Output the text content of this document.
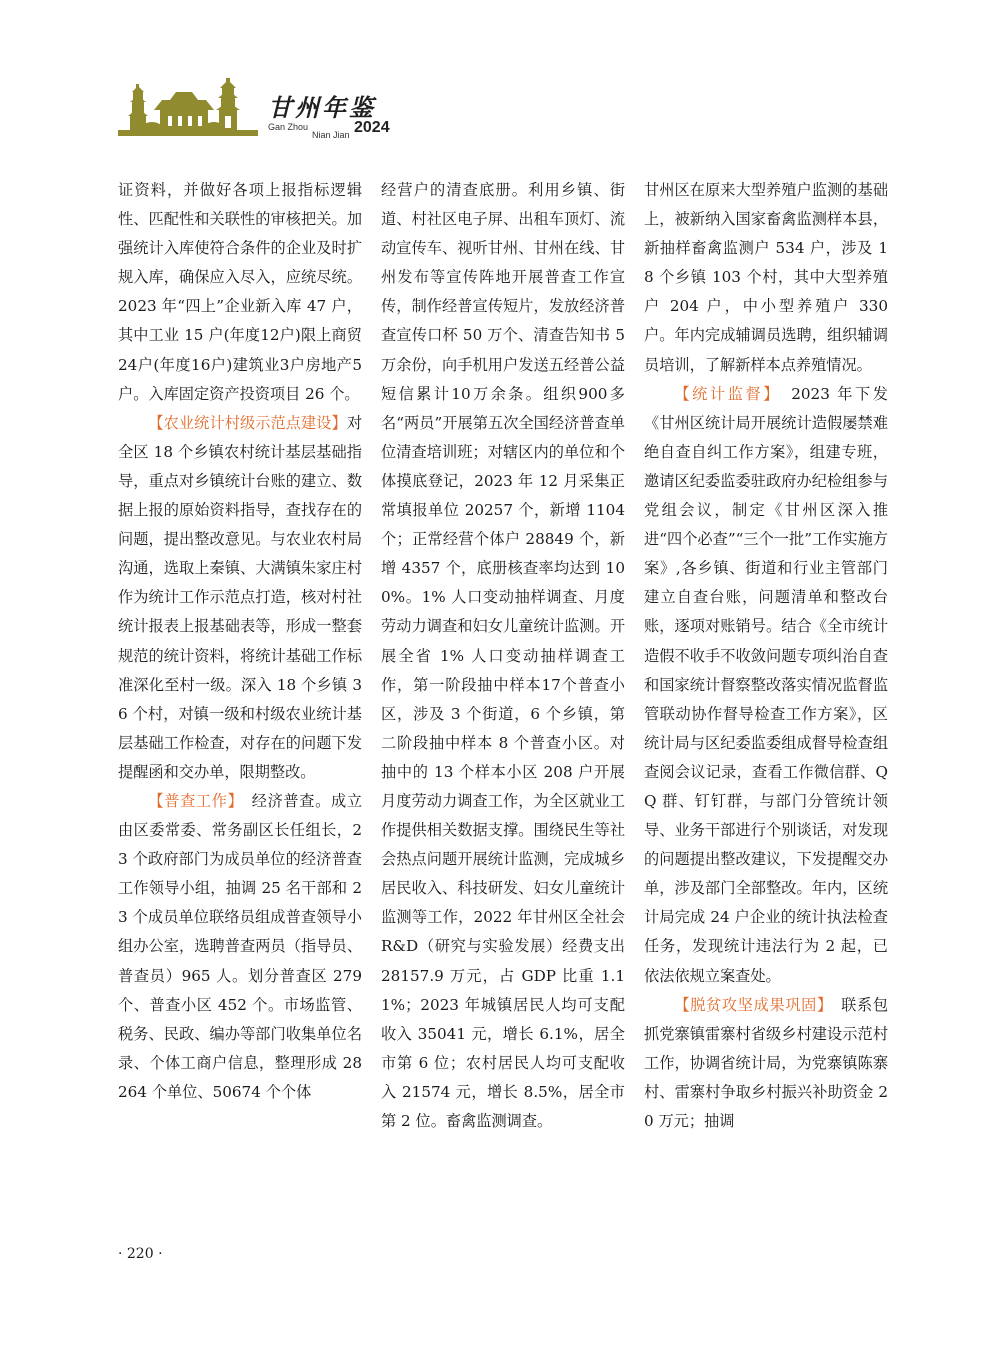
甘州年鉴
Gan Zhou
Nian Jian 2024

证资料，并做好各项上报指标逻辑性、匹配性和关联性的审核把关。加强统计入库使符合条件的企业及时扩规入库，确保应入尽入，应统尽统。2023 年“四上”企业新入库 47 户，其中工业 15 户(年度12户)限上商贸24户(年度16户)建筑业3户房地产5户。入库固定资产投资项目 26 个。

【农业统计村级示范点建设】对全区 18 个乡镇农村统计基层基础指导，重点对乡镇统计台账的建立、数据上报的原始资料指导，查找存在的问题，提出整改意见。与农业农村局沟通，选取上秦镇、大满镇朱家庄村作为统计工作示范点打造，核对村社统计报表上报基础表等，形成一整套规范的统计资料，将统计基础工作标准深化至村一级。深入 18 个乡镇 36 个村，对镇一级和村级农业统计基层基础工作检查，对存在的问题下发提醒函和交办单，限期整改。

【普查工作】　 经济普查。成立由区委常委、常务副区长任组长，23 个政府部门为成员单位的经济普查工作领导小组，抽调 25 名干部和 23 个成员单位联络员组成普查领导小组办公室，选聘普查两员（指导员、普查员）965 人。划分普查区 279 个、普查小区 452 个。市场监管、税务、民政、编办等部门收集单位名录、个体工商户信息，整理形成 28264 个单位、50674 个个体

经营户的清查底册。利用乡镇、街道、村社区电子屏、出租车顶灯、流动宣传车、视听甘州、甘州在线、甘州发布等宣传阵地开展普查工作宣传，制作经普宣传短片，发放经济普查宣传口杯 50 万个、清查告知书 5 万余份，向手机用户发送五经普公益短信累计10万余条。组织900多名“两员”开展第五次全国经济普查单位清查培训班；对辖区内的单位和个体摸底登记，2023 年 12 月采集正常填报单位 20257 个，新增 1104 个；正常经营个体户 28849 个，新增 4357 个，底册核查率均达到 100%。1% 人口变动抽样调查、月度劳动力调查和妇女儿童统计监测。开展全省 1% 人口变动抽样调查工作，第一阶段抽中样本17个普查小区，涉及 3 个街道，6 个乡镇，第二阶段抽中样本 8 个普查小区。对抽中的 13 个样本小区 208 户开展月度劳动力调查工作，为全区就业工作提供相关数据支撑。围绕民生等社会热点问题开展统计监测，完成城乡居民收入、科技研发、妇女儿童统计监测等工作，2022 年甘州区全社会 R&D（研究与实验发展）经费支出 28157.9 万元，占 GDP 比重 1.11%；2023 年城镇居民人均可支配收入 35041 元，增长 6.1%，居全市第 6 位；农村居民人均可支配收入 21574 元，增长 8.5%，居全市第 2 位。畜禽监测调查。

甘州区在原来大型养殖户监测的基础上，被新纳入国家畜禽监测样本县，新抽样畜禽监测户 534 户，涉及 18 个乡镇 103 个村，其中大型养殖户 204 户，中小型养殖户 330 户。年内完成辅调员选聘，组织辅调员培训，了解新样本点养殖情况。

【统计监督】　 2023 年下发《甘州区统计局开展统计造假屡禁难绝自查自纠工作方案》，组建专班，邀请区纪委监委驻政府办纪检组参与党组会议，制定《甘州区深入推进“四个必查”“三个一批”工作实施方案》,各乡镇、街道和行业主管部门建立自查台账，问题清单和整改台账，逐项对账销号。结合《全市统计造假不收手不收敛问题专项纠治自查和国家统计督察整改落实情况监督监管联动协作督导检查工作方案》，区统计局与区纪委监委组成督导检查组查阅会议记录，查看工作微信群、QQ 群、钉钉群，与部门分管统计领导、业务干部进行个别谈话，对发现的问题提出整改建议，下发提醒交办单，涉及部门全部整改。年内，区统计局完成 24 户企业的统计执法检查任务，发现统计违法行为 2 起，已依法依规立案查处。

【脱贫攻坚成果巩固】　 联系包抓党寨镇雷寨村省级乡村建设示范村工作，协调省统计局，为党寨镇陈寨村、雷寨村争取乡村振兴补助资金 20 万元；抽调

· 220 ·
